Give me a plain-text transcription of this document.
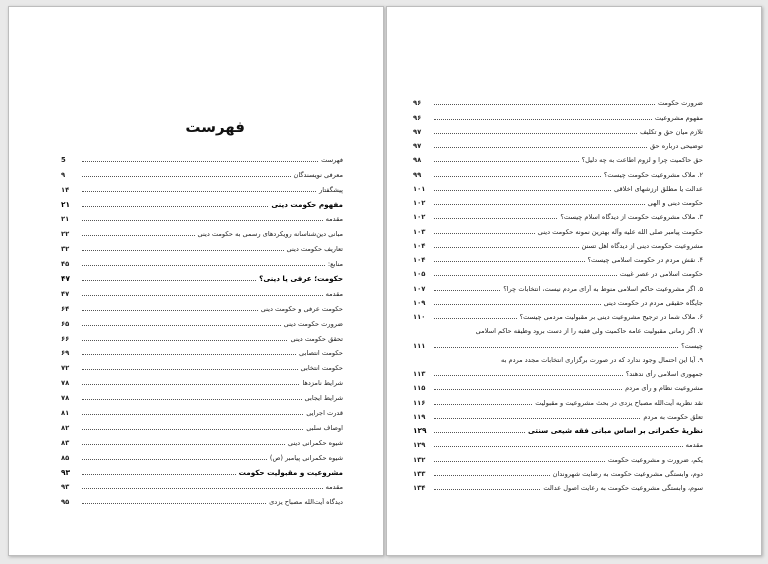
فهرست
فهرست
5
معرفی نویسندگان
۹
پیشگفتار
۱۴
مفهوم حکومت دینی
۲۱
مقدمه
۲۱
مبانی دین‌شناسانه رویکردهای رسمی به حکومت دینی
۲۲
تعاریف حکومت دینی
۳۲
منابع:
۴۵
حکومت؛ عرفی یا دینی؟
۴۷
مقدمه
۴۷
حکومت عرفی و حکومت دینی
۶۴
ضرورت حکومت دینی
۶۵
تحقق حکومت دینی
۶۶
حکومت انتصابی
۶۹
حکومت انتخابی
۷۲
شرایط نامزدها
۷۸
شرایط ایجابی
۷۸
قدرت اجرایی
۸۱
اوصاف سلبی
۸۲
شیوه حکمرانی دینی
۸۳
شیوه حکمرانی پیامبر (ص)
۸۵
مشروعیت و مقبولیت حکومت
۹۳
مقدمه
۹۳
دیدگاه آیت‌الله مصباح یزدی
۹۵
ضرورت حکومت
۹۶
مفهوم مشروعیت
۹۶
تلازم میان حق و تکلیف
۹۷
توضیحی درباره حق
۹۷
حق حاکمیت چرا و لزوم اطاعت به چه دلیل؟
۹۸
۲. ملاک مشروعیت حکومت چیست؟
۹۹
عدالت یا مطلق ارزشهای اخلاقی
۱۰۱
حکومت دینی و الهی
۱۰۲
۳. ملاک مشروعیت حکومت از دیدگاه اسلام چیست؟
۱۰۲
حکومت پیامبر صلی الله علیه وآله بهترین نمونه حکومت دینی
۱۰۳
مشروعیت حکومت دینی از دیدگاه اهل تسنن
۱۰۴
۴. نقش مردم در حکومت اسلامی چیست؟
۱۰۴
حکومت اسلامی در عصر غیبت
۱۰۵
۵. اگر مشروعیت حاکم اسلامی منوط به آرای مردم نیست، انتخابات چرا؟
۱۰۷
جایگاه حقیقی مردم در حکومت دینی
۱۰۹
۶. ملاک شما در ترجیح مشروعیت دینی بر مقبولیت مردمی چیست؟
۱۱۰
۷. اگر زمانی مقبولیت عامه حاکمیت ولی فقیه را از دست برود وظیفه حاکم اسلامی
چیست؟
۱۱۱
۹. آیا این احتمال وجود ندارد که در صورت برگزاری انتخابات مجدد مردم به
جمهوری اسلامی رأی ندهند؟
۱۱۳
مشروعیت نظام و رأی مردم
۱۱۵
نقد نظریه آیت‌الله مصباح یزدی در بحث مشروعیت و مقبولیت
۱۱۶
تعلق حکومت به مردم
۱۱۹
نظریهٔ حکمرانی بر اساس مبانی فقه شیعی سنتی
۱۲۹
مقدمه
۱۲۹
یکم، ضرورت و مشروعیت حکومت
۱۳۲
دوم، وابستگی مشروعیت حکومت به رضایت شهروندان
۱۳۳
سوم، وابستگی مشروعیت حکومت به رعایت اصول عدالت
۱۳۴
